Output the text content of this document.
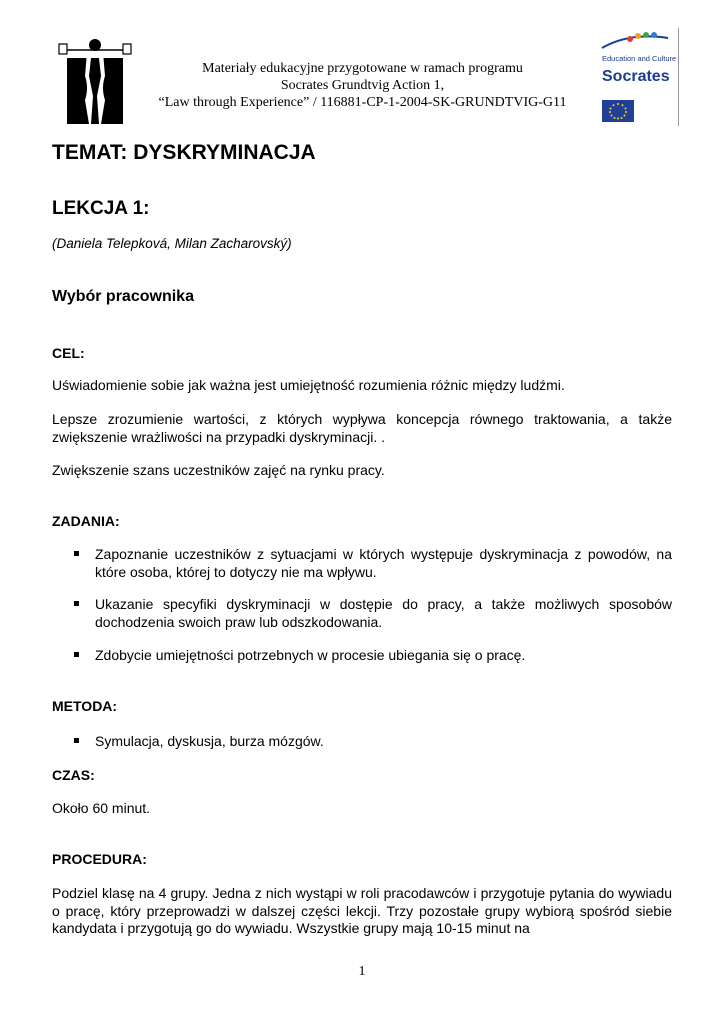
Materiały edukacyjne przygotowane w ramach programu
Socrates Grundtvig Action 1,
“Law through Experience” / 116881-CP-1-2004-SK-GRUNDTVIG-G11
Education and Culture
Socrates
TEMAT: DYSKRYMINACJA
LEKCJA 1:
(Daniela Telepková, Milan Zacharovský)
Wybór pracownika
CEL:

Uświadomienie sobie jak ważna jest umiejętność rozumienia różnic między ludźmi.

Lepsze zrozumienie wartości, z których wypływa koncepcja równego traktowania, a także zwiększenie wrażliwości na przypadki dyskryminacji. .

Zwiększenie szans uczestników zajęć na rynku pracy.

ZADANIA:
Zapoznanie uczestników z sytuacjami w których występuje dyskryminacja z powodów, na które osoba, której to dotyczy nie ma wpływu.
Ukazanie specyfiki dyskryminacji w dostępie do pracy, a także możliwych sposobów dochodzenia swoich praw lub odszkodowania.
Zdobycie umiejętności potrzebnych w procesie ubiegania się o pracę.
METODA:
Symulacja, dyskusja, burza mózgów.
CZAS:

Około 60 minut.

PROCEDURA:

Podziel klasę na 4 grupy. Jedna z nich wystąpi w roli pracodawców i przygotuje pytania do wywiadu o pracę, który przeprowadzi w dalszej części lekcji. Trzy pozostałe grupy wybiorą spośród siebie kandydata i przygotują go do wywiadu. Wszystkie grupy mają 10-15 minut na

1
